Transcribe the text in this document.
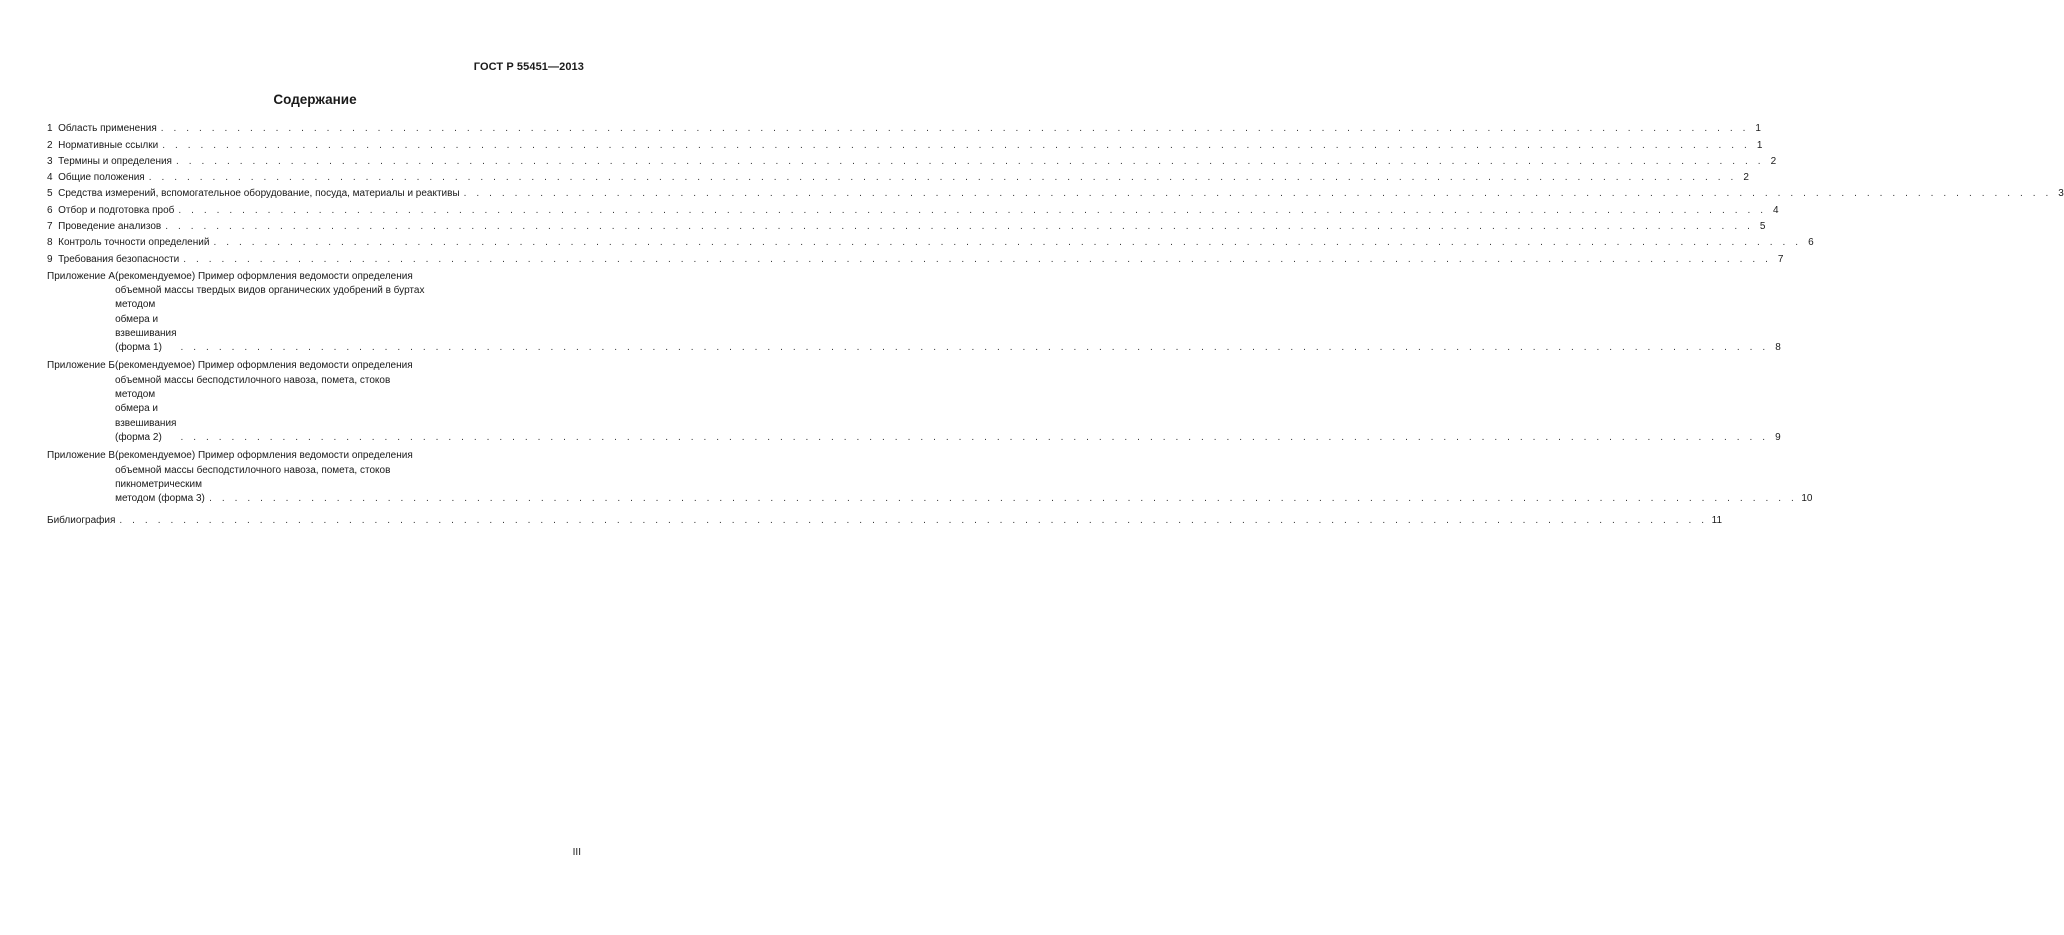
ГОСТ Р 55451—2013
Содержание
1
Область применения . . .	1
2
Нормативные ссылки . . .	1
3
Термины и определения . . .	2
4
Общие положения . . .	2
5
Средства измерений, вспомогательное оборудование, посуда, материалы и реактивы . . .	3
6
Отбор и подготовка проб . . .	4
7
Проведение анализов . . .	5
8
Контроль точности определений . . .	6
9
Требования безопасности . . .	7
Приложение А (рекомендуемое) Пример оформления ведомости определения
объемной массы твердых видов органических удобрений в буртах
методом обмера и взвешивания (форма 1) . . .	8
Приложение Б (рекомендуемое) Пример оформления ведомости определения
объемной массы бесподстилочного навоза, помета, стоков
методом обмера и взвешивания (форма 2) . . .	9
Приложение В (рекомендуемое) Пример оформления ведомости определения
объемной массы бесподстилочного навоза, помета, стоков
пикнометрическим методом (форма 3) . . .	10
Библиография . . .	11
III
